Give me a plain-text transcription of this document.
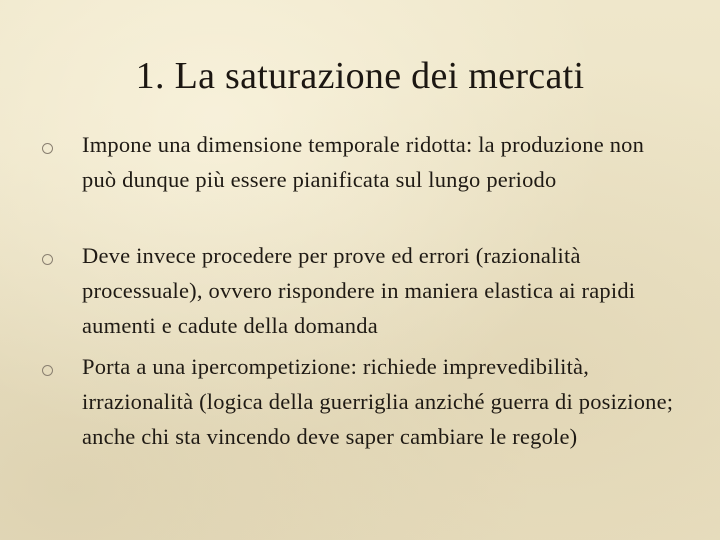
1. La saturazione dei mercati
Impone una dimensione temporale ridotta: la produzione non può dunque più essere pianificata sul lungo periodo
Deve invece procedere per prove ed errori (razionalità processuale), ovvero rispondere in maniera elastica ai rapidi aumenti e cadute della domanda
Porta a una ipercompetizione: richiede imprevedibilità, irrazionalità (logica della guerriglia anziché guerra di posizione; anche chi sta vincendo deve saper cambiare le regole)
